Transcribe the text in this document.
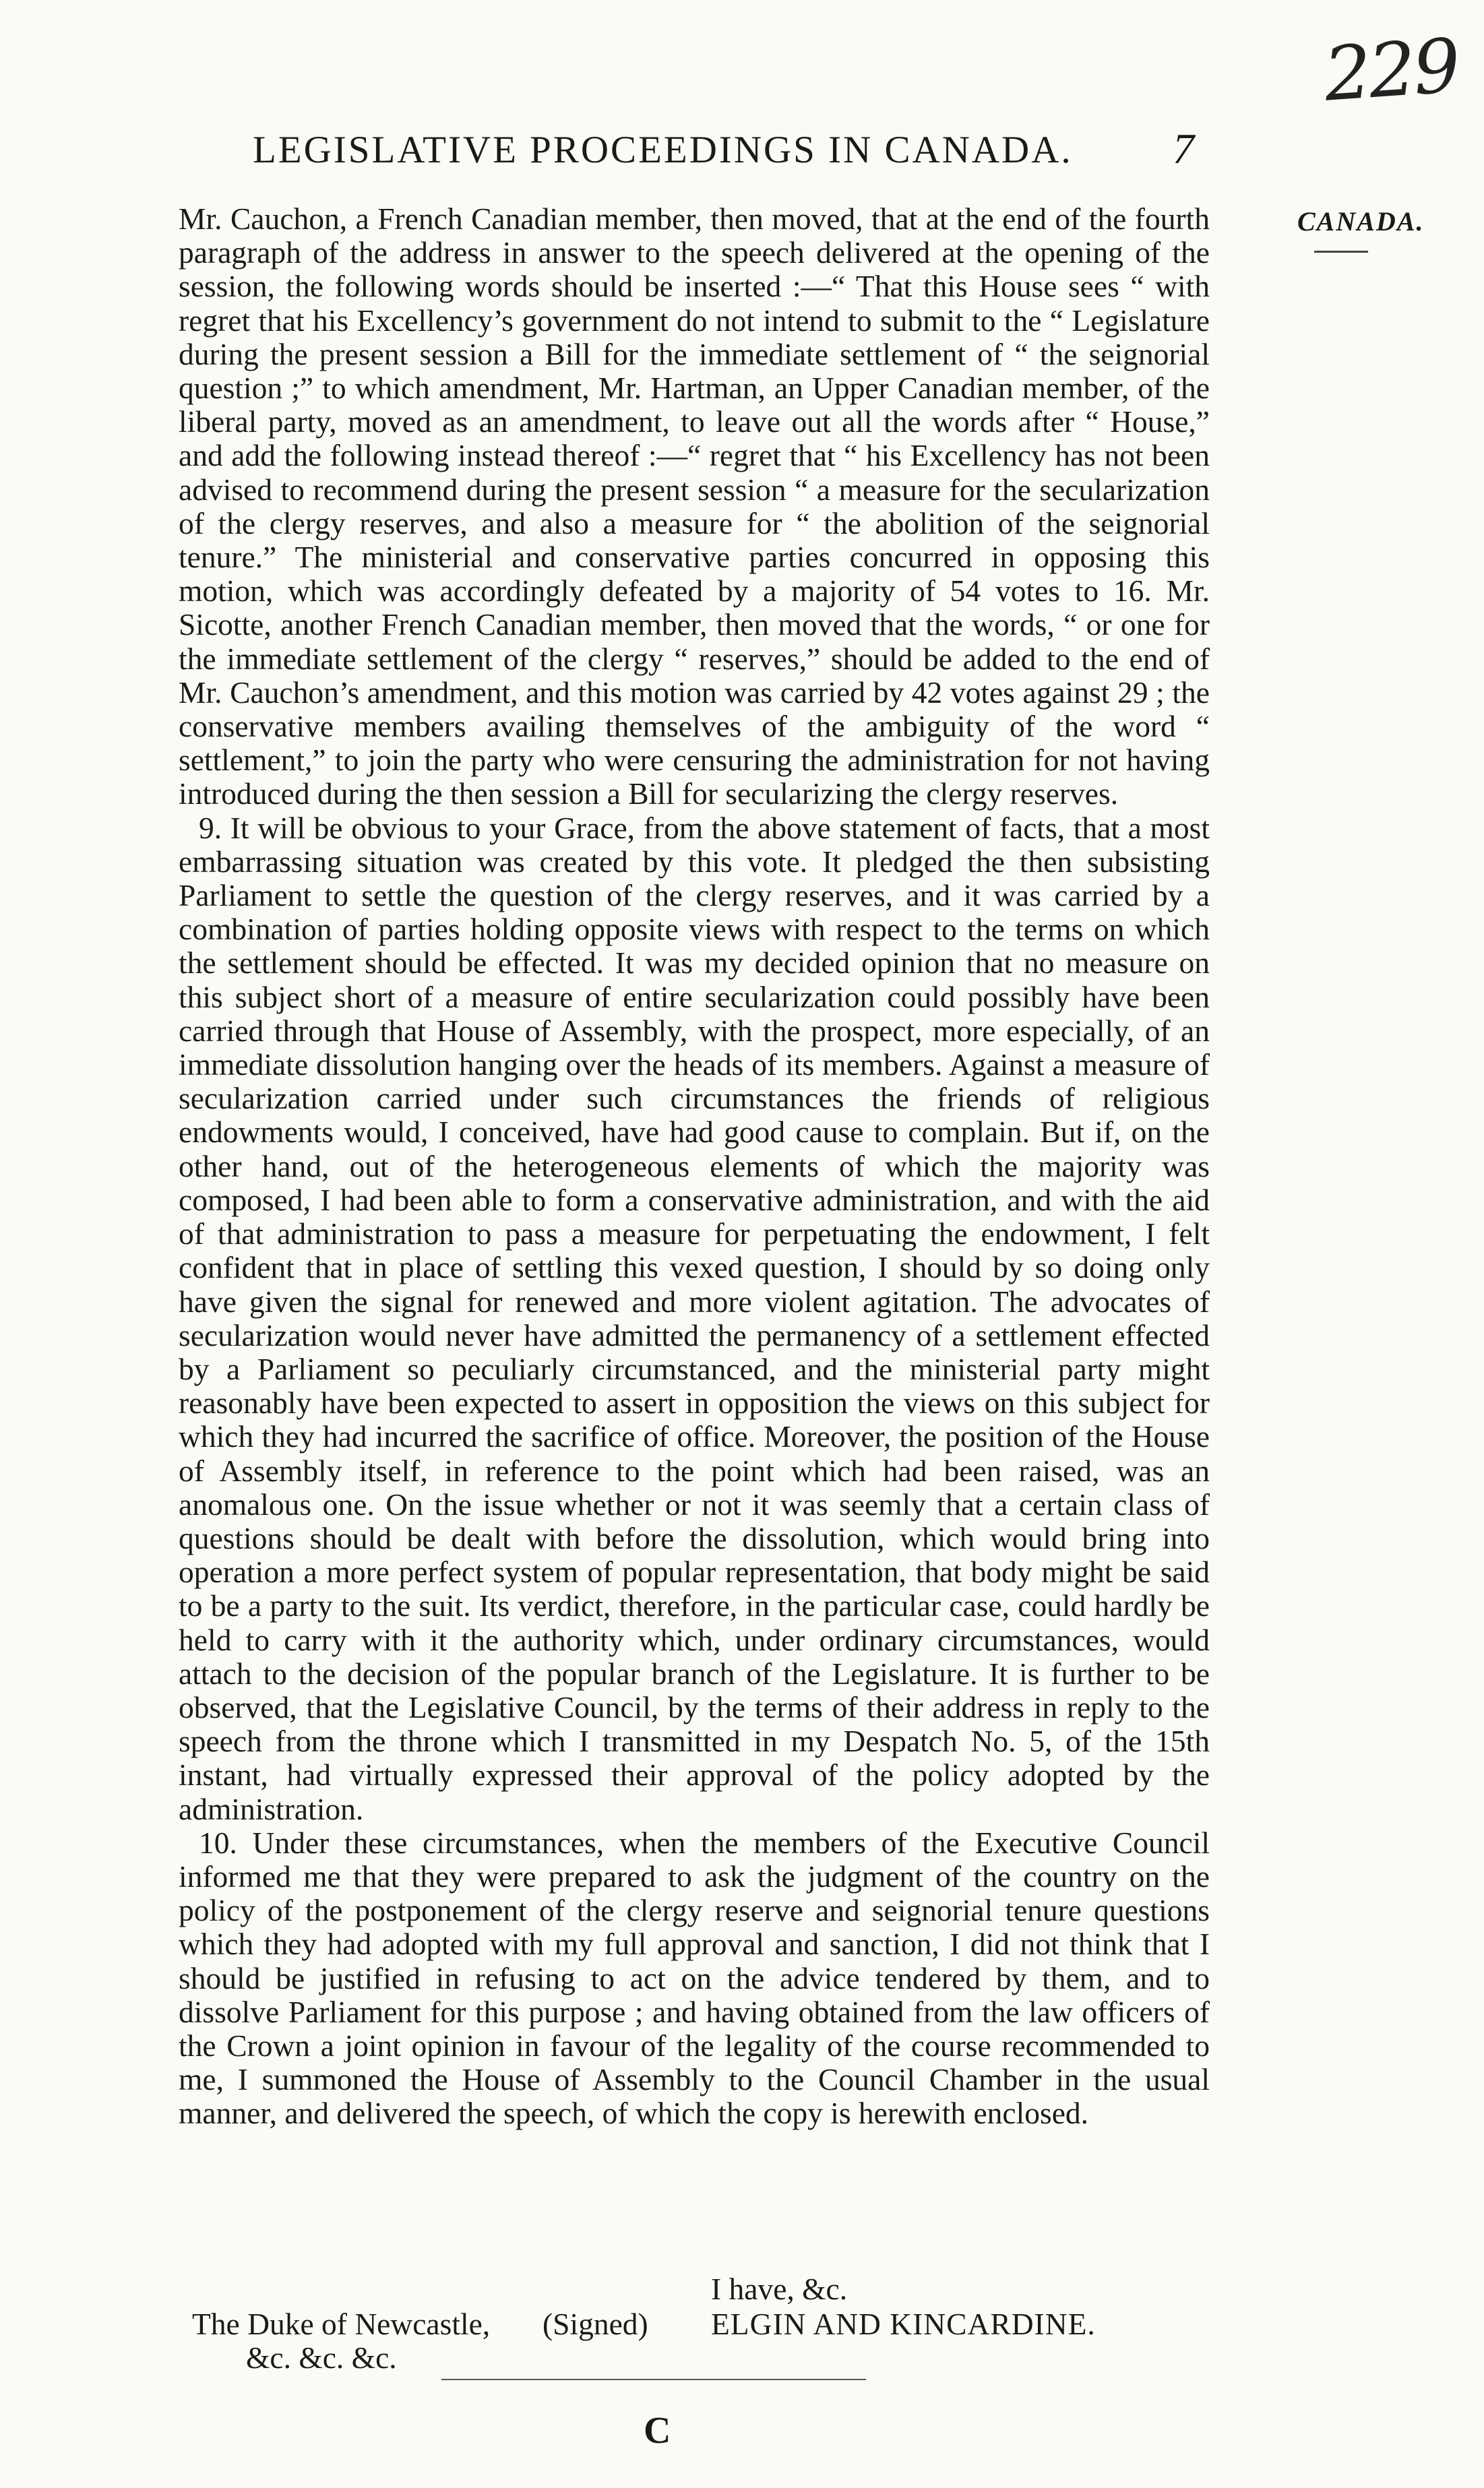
229
LEGISLATIVE PROCEEDINGS IN CANADA. 7
CANADA.

Mr. Cauchon, a French Canadian member, then moved, that at the end of the fourth paragraph of the address in answer to the speech delivered at the opening of the session, the following words should be inserted :—“ That this House sees “ with regret that his Excellency’s government do not intend to submit to the “ Legislature during the present session a Bill for the immediate settlement of “ the seignorial question ;” to which amendment, Mr. Hartman, an Upper Canadian member, of the liberal party, moved as an amendment, to leave out all the words after “ House,” and add the following instead thereof :—“ regret that “ his Excellency has not been advised to recommend during the present session “ a measure for the secularization of the clergy reserves, and also a measure for “ the abolition of the seignorial tenure.” The ministerial and conservative parties concurred in opposing this motion, which was accordingly defeated by a majority of 54 votes to 16. Mr. Sicotte, another French Canadian member, then moved that the words, “ or one for the immediate settlement of the clergy “ reserves,” should be added to the end of Mr. Cauchon’s amendment, and this motion was carried by 42 votes against 29 ; the conservative members availing themselves of the ambiguity of the word “ settlement,” to join the party who were censuring the administration for not having introduced during the then session a Bill for secularizing the clergy reserves.

9. It will be obvious to your Grace, from the above statement of facts, that a most embarrassing situation was created by this vote. It pledged the then subsisting Parliament to settle the question of the clergy reserves, and it was carried by a combination of parties holding opposite views with respect to the terms on which the settlement should be effected. It was my decided opinion that no measure on this subject short of a measure of entire secularization could possibly have been carried through that House of Assembly, with the prospect, more especially, of an immediate dissolution hanging over the heads of its members. Against a measure of secularization carried under such circumstances the friends of religious endowments would, I conceived, have had good cause to complain. But if, on the other hand, out of the heterogeneous elements of which the majority was composed, I had been able to form a conservative administration, and with the aid of that administration to pass a measure for perpetuating the endowment, I felt confident that in place of settling this vexed question, I should by so doing only have given the signal for renewed and more violent agitation. The advocates of secularization would never have admitted the permanency of a settlement effected by a Parliament so peculiarly circumstanced, and the ministerial party might reasonably have been expected to assert in opposition the views on this subject for which they had incurred the sacrifice of office. Moreover, the position of the House of Assembly itself, in reference to the point which had been raised, was an anomalous one. On the issue whether or not it was seemly that a certain class of questions should be dealt with before the dissolution, which would bring into operation a more perfect system of popular representation, that body might be said to be a party to the suit. Its verdict, therefore, in the particular case, could hardly be held to carry with it the authority which, under ordinary circumstances, would attach to the decision of the popular branch of the Legislature. It is further to be observed, that the Legislative Council, by the terms of their address in reply to the speech from the throne which I transmitted in my Despatch No. 5, of the 15th instant, had virtually expressed their approval of the policy adopted by the administration.

10. Under these circumstances, when the members of the Executive Council informed me that they were prepared to ask the judgment of the country on the policy of the postponement of the clergy reserve and seignorial tenure questions which they had adopted with my full approval and sanction, I did not think that I should be justified in refusing to act on the advice tendered by them, and to dissolve Parliament for this purpose ; and having obtained from the law officers of the Crown a joint opinion in favour of the legality of the course recommended to me, I summoned the House of Assembly to the Council Chamber in the usual manner, and delivered the speech, of which the copy is herewith enclosed.

I have, &c.
The Duke of Newcastle, (Signed) ELGIN AND KINCARDINE.
&c. &c. &c.
C
